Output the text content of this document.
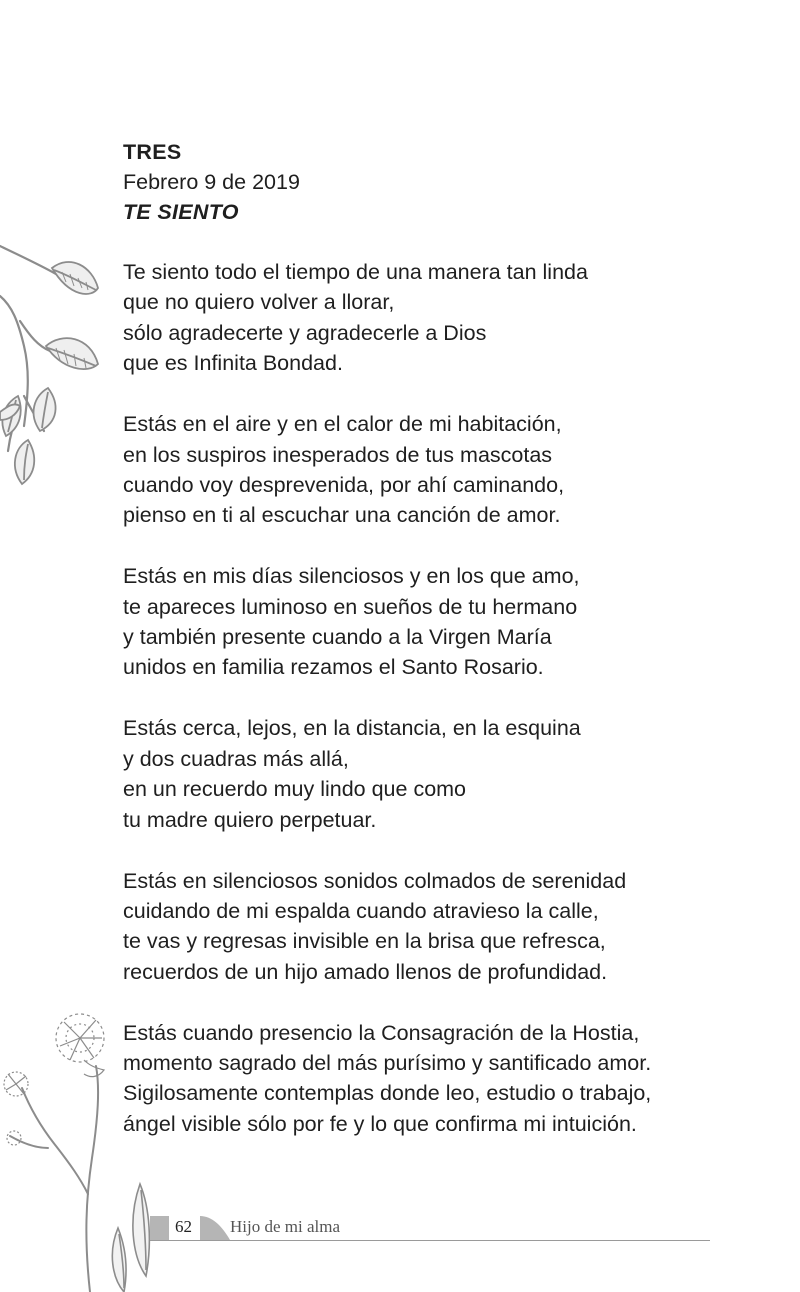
TRES
Febrero 9 de 2019
TE SIENTO
Te siento todo el tiempo de una manera tan linda
que no quiero volver a llorar,
sólo agradecerte y agradecerle a Dios
que es Infinita Bondad.
Estás en el aire y en el calor de mi habitación,
en los suspiros inesperados de tus mascotas
cuando voy desprevenida, por ahí caminando,
pienso en ti al escuchar una canción de amor.
Estás en mis días silenciosos y en los que amo,
te apareces luminoso en sueños de tu hermano
y también presente cuando a la Virgen María
unidos en familia rezamos el Santo Rosario.
Estás cerca, lejos, en la distancia, en la esquina
y dos cuadras más allá,
en un recuerdo muy lindo que como
tu madre quiero perpetuar.
Estás en silenciosos sonidos colmados de serenidad
cuidando de mi espalda cuando atravieso la calle,
te vas y regresas invisible en la brisa que refresca,
recuerdos de un hijo amado llenos de profundidad.
Estás cuando presencio la Consagración de la Hostia,
momento sagrado del más purísimo y santificado amor.
Sigilosamente contemplas donde leo, estudio o trabajo,
ángel visible sólo por fe y lo que confirma mi intuición.
62 Hijo de mi alma
